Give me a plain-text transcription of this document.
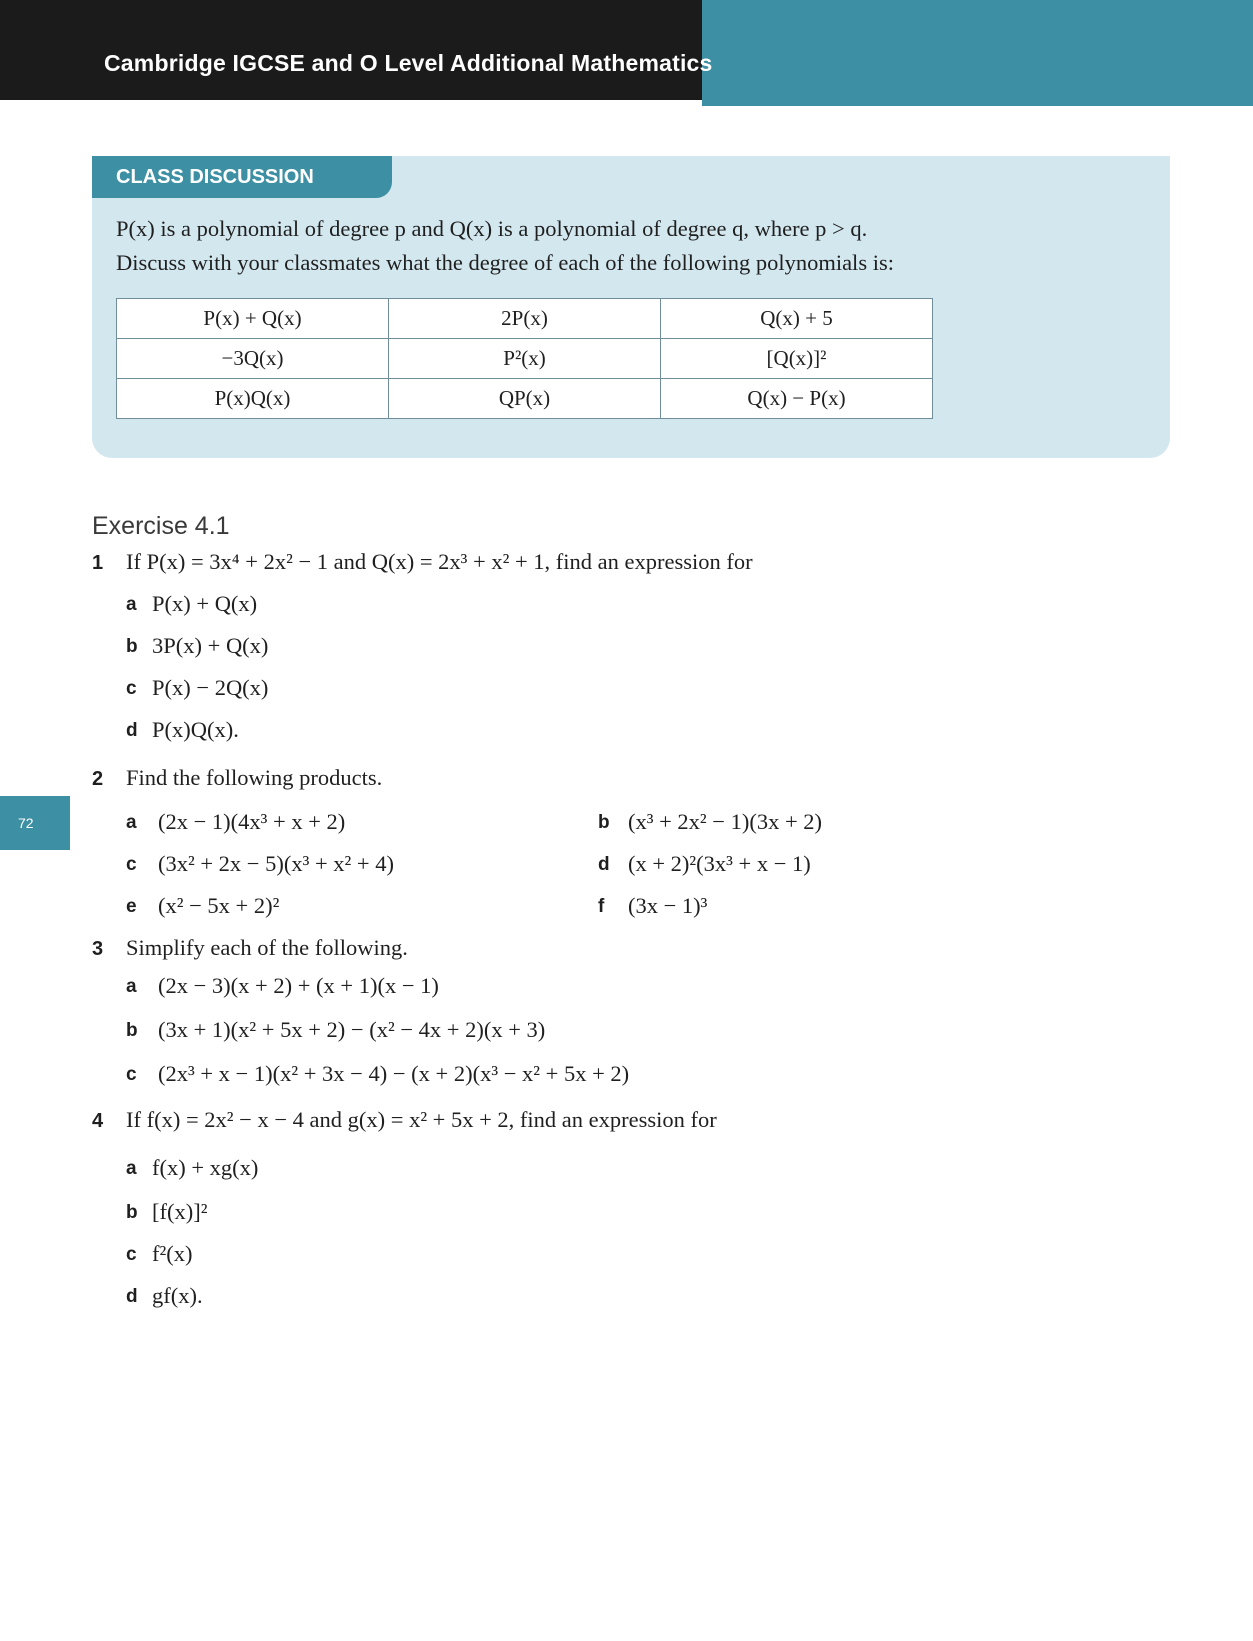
Cambridge IGCSE and O Level Additional Mathematics
CLASS DISCUSSION

P(x) is a polynomial of degree p and Q(x) is a polynomial of degree q, where p > q.

Discuss with your classmates what the degree of each of the following polynomials is:

P(x) + Q(x)	2P(x)	Q(x) + 5
−3Q(x)	P²(x)	[Q(x)]²
P(x)Q(x)	QP(x)	Q(x) − P(x)
Exercise 4.1
1 If P(x) = 3x⁴ + 2x² − 1 and Q(x) = 2x³ + x² + 1, find an expression for
a P(x) + Q(x)
b 3P(x) + Q(x)
c P(x) − 2Q(x)
d P(x)Q(x).
2 Find the following products.
a (2x − 1)(4x³ + x + 2)	b (x³ + 2x² − 1)(3x + 2)
c (3x² + 2x − 5)(x³ + x² + 4)	d (x + 2)²(3x³ + x − 1)
e (x² − 5x + 2)²	f (3x − 1)³
3 Simplify each of the following.
a (2x − 3)(x + 2) + (x + 1)(x − 1)
b (3x + 1)(x² + 5x + 2) − (x² − 4x + 2)(x + 3)
c (2x³ + x − 1)(x² + 3x − 4) − (x + 2)(x³ − x² + 5x + 2)
4 If f(x) = 2x² − x − 4 and g(x) = x² + 5x + 2, find an expression for
a f(x) + xg(x)
b [f(x)]²
c f²(x)
d gf(x).
72
